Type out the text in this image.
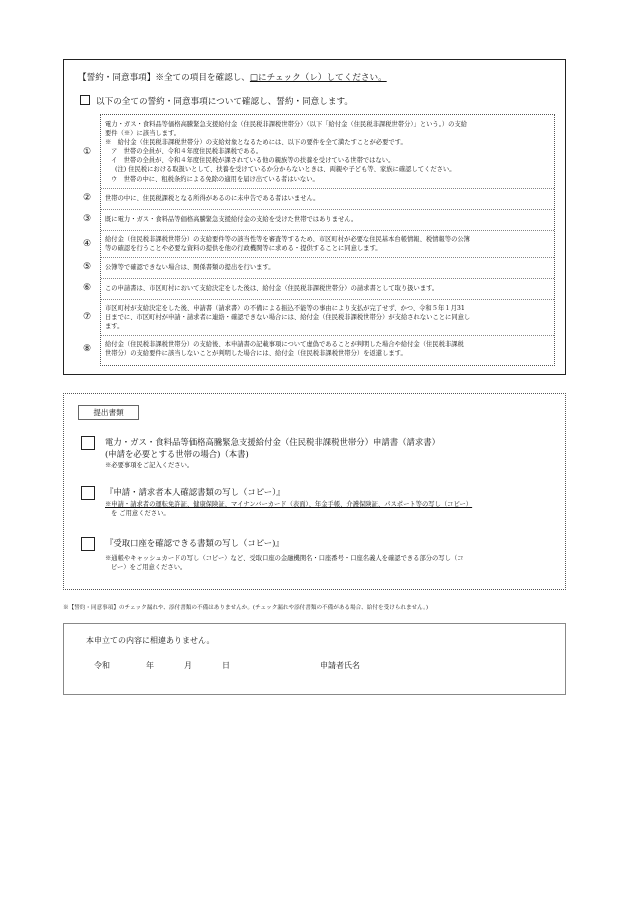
【誓約・同意事項】※全ての項目を確認し、□にチェック（レ）してください。
以下の全ての誓約・同意事項について確認し、誓約・同意します。
①

電力・ガス・食料品等価格高騰緊急支援給付金（住民税非課税世帯分）（以下「給付金（住民税非課税世帯分）」という。）の支給

要件（※）に該当します。

※　給付金（住民税非課税世帯分）の支給対象となるためには、以下の要件を全て満たすことが必要です。

ア　世帯の全員が、令和４年度住民税非課税である。

イ　世帯の全員が、令和４年度住民税が課されている他の親族等の扶養を受けている世帯ではない。

(注) 住民税における取扱いとして、扶養を受けているか分からないときは、両親や子ども等、家族に確認してください。

ウ　世帯の中に、租税条約による免除の適用を届け出ている者はいない。

② 世帯の中に、住民税課税となる所得があるのに未申告である者はいません。

③ 既に電力・ガス・食料品等価格高騰緊急支援給付金の支給を受けた世帯ではありません。

④ 給付金（住民税非課税世帯分）の支給要件等の該当性等を審査等するため、市区町村が必要な住民基本台帳情報、税情報等の公簿

等の確認を行うことや必要な資料の提供を他の行政機関等に求める・提供することに同意します。

⑤ 公簿等で確認できない場合は、関係書類の提出を行います。

⑥ この申請書は、市区町村において支給決定をした後は、給付金（住民税非課税世帯分）の請求書として取り扱います。

⑦

市区町村が支給決定をした後、申請書（請求書）の不備による振込不能等の事由により支払が完了せず、かつ、令和５年１月31

日までに、市区町村が申請・請求者に連絡・確認できない場合には、給付金（住民税非課税世帯分）が支給されないことに同意し

ます。

⑧ 給付金（住民税非課税世帯分）の支給後、本申請書の記載事項について虚偽であることが判明した場合や給付金（住民税非課税

世帯分）の支給要件に該当しないことが判明した場合には、給付金（住民税非課税世帯分）を返還します。

提出書類
電力・ガス・食料品等価格高騰緊急支援給付金（住民税非課税世帯分）申請書（請求書）
(申請を必要とする世帯の場合)（本書)
※必要事項をご記入ください。
『申請・請求者本人確認書類の写し（コピー）』
※申請・請求者の運転免許証、健康保険証、マイナンバーカード（表面）、年金手帳、介護保険証、パスポート等の写し（コピー）
を ご用意ください。
『受取口座を確認できる書類の写し（コピー)』
※通帳やキャッシュカードの写し（コピー）など、受取口座の金融機関名・口座番号・口座名義人を確認できる部分の写し（コ
ピー）をご用意ください。
※【誓約・同意事項】のチェック漏れや、添付書類の不備はありませんか。(チェック漏れや添付書類の不備がある場合、給付を受けられません。)
本申立ての内容に相違ありません。
令和	年	月	日	申請者氏名
